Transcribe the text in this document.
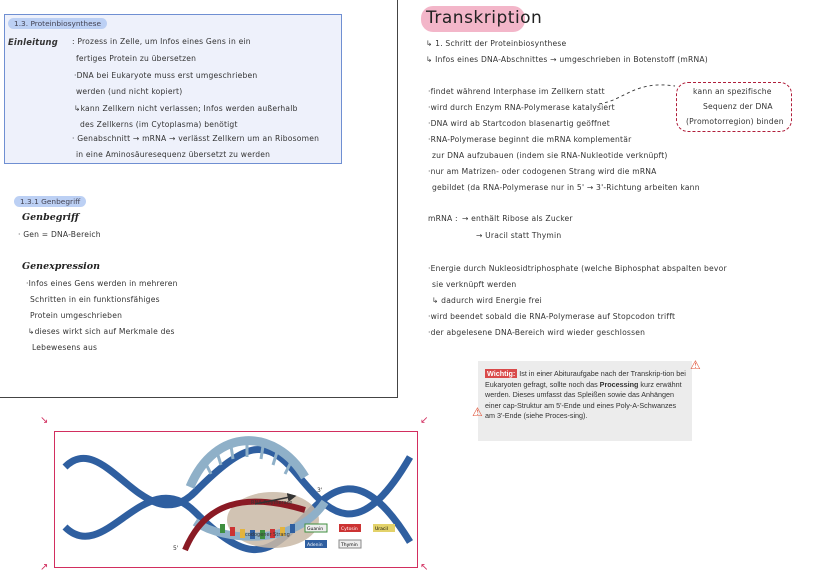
1.3. Proteinbiosynthese
Einleitung : Prozess in Zelle, um Infos eines Gens in ein
fertiges Protein zu übersetzen
·DNA bei Eukaryote muss erst umgeschrieben
werden (und nicht kopiert)
↳kann Zellkern nicht verlassen; Infos werden außerhalb
des Zellkerns (im Cytoplasma) benötigt
· Genabschnitt → mRNA → verlässt Zellkern um an Ribosomen
in eine Aminosäuresequenz übersetzt zu werden
1.3.1 Genbegriff
Genbegriff
· Gen = DNA-Bereich
Genexpression
·Infos eines Gens werden in mehreren
Schritten in ein funktionsfähiges
Protein umgeschrieben
↳dieses wirkt sich auf Merkmale des
Lebewesens aus
Transkription
↳ 1. Schritt der Proteinbiosynthese
↳ Infos eines DNA-Abschnittes → umgeschrieben in Botenstoff (mRNA)
·findet während Interphase im Zellkern statt
·wird durch Enzym RNA-Polymerase katalysiert
·DNA wird ab Startcodon blasenartig geöffnet
·RNA-Polymerase beginnt die mRNA komplementär
zur DNA aufzubauen (indem sie RNA-Nukleotide verknüpft)
·nur am Matrizen- oder codogenen Strang wird die mRNA
gebildet (da RNA-Polymerase nur in 5' → 3'-Richtung arbeiten kann
kann an spezifische
Sequenz der DNA
(Promotorregion) binden
mRNA : → enthält Ribose als Zucker
→ Uracil statt Thymin
·Energie durch Nukleosidtriphosphate (welche Biphosphat abspalten bevor
sie verknüpft werden
↳ dadurch wird Energie frei
·wird beendet sobald die RNA-Polymerase auf Stopcodon trifft
·der abgelesene DNA-Bereich wird wieder geschlossen

Wichtig: Ist in einer Abituraufgabe nach der Transkrip-tion bei Eukaryoten gefragt, sollte noch das Processing kurz erwähnt werden. Dieses umfasst das Spleißen sowie das Anhängen einer cap-Struktur am 5'-Ende und eines Poly-A-Schwanzes am 3'-Ende (siehe Proces-sing).

⚠
⚠
↘	↙
↗	↖
RNA-Polymerase
codogener Strang
5'
3'
Guanin	Cytosin	Uracil
Adenin	Thymin
